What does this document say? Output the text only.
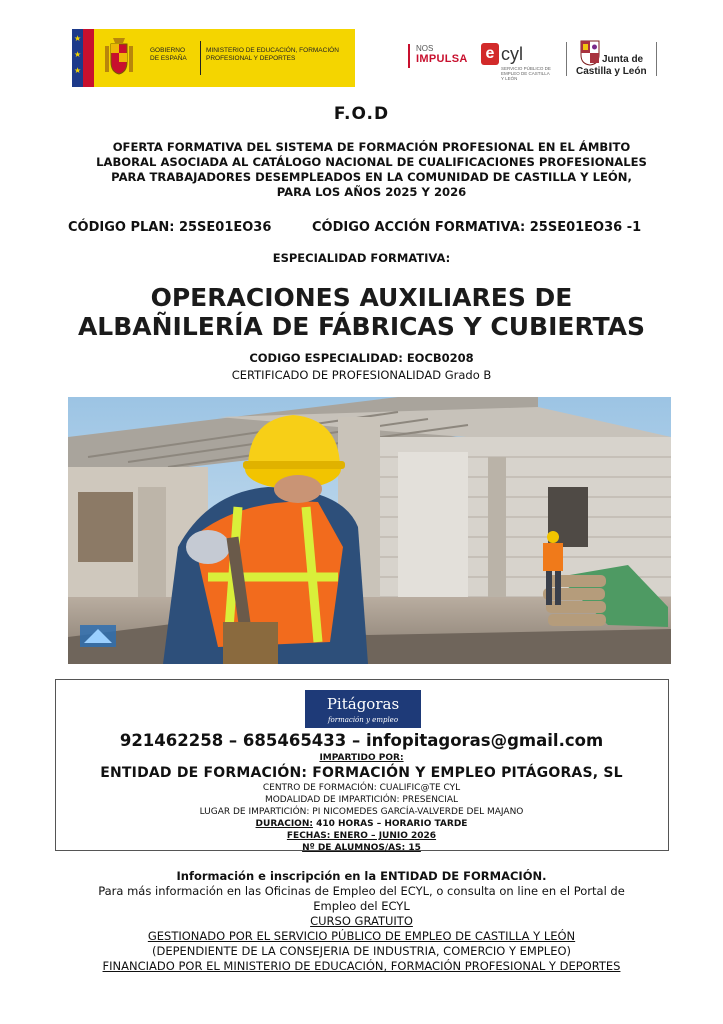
★
★
★
GOBIERNO
DE ESPAÑA
MINISTERIO DE EDUCACIÓN, FORMACIÓN PROFESIONAL Y DEPORTES
NOS
IMPULSA e cyl
SERVICIO PÚBLICO DE EMPLEO DE CASTILLA Y LEÓN
Junta de
Castilla y León
F.O.D
OFERTA FORMATIVA DEL SISTEMA DE FORMACIÓN PROFESIONAL EN EL ÁMBITO
LABORAL ASOCIADA AL CATÁLOGO NACIONAL DE CUALIFICACIONES PROFESIONALES
PARA TRABAJADORES DESEMPLEADOS EN LA COMUNIDAD DE CASTILLA Y LEÓN,
PARA LOS AÑOS 2025 Y 2026
CÓDIGO PLAN: 25SE01EO36	CÓDIGO ACCIÓN FORMATIVA: 25SE01EO36 -1
ESPECIALIDAD FORMATIVA:
OPERACIONES AUXILIARES DE
ALBAÑILERÍA DE FÁBRICAS Y CUBIERTAS
CODIGO ESPECIALIDAD: EOCB0208
CERTIFICADO DE PROFESIONALIDAD Grado B
Pitágoras
formación y empleo
921462258 – 685465433 – infopitagoras@gmail.com
IMPARTIDO POR:
ENTIDAD DE FORMACIÓN: FORMACIÓN Y EMPLEO PITÁGORAS, SL
CENTRO DE FORMACIÓN: CUALIFIC@TE CYL
MODALIDAD DE IMPARTICIÓN: PRESENCIAL
LUGAR DE IMPARTICIÓN: PI NICOMEDES GARCÍA-VALVERDE DEL MAJANO
DURACION: 410 HORAS – HORARIO TARDE
FECHAS: ENERO – JUNIO 2026
Nº DE ALUMNOS/AS: 15
Información e inscripción en la ENTIDAD DE FORMACIÓN.
Para más información en las Oficinas de Empleo del ECYL, o consulta on line en el Portal de Empleo del ECYL
CURSO GRATUITO
GESTIONADO POR EL SERVICIO PÚBLICO DE EMPLEO DE CASTILLA Y LEÓN
(DEPENDIENTE DE LA CONSEJERIA DE INDUSTRIA, COMERCIO Y EMPLEO)
FINANCIADO POR EL MINISTERIO DE EDUCACIÓN, FORMACIÓN PROFESIONAL Y DEPORTES
